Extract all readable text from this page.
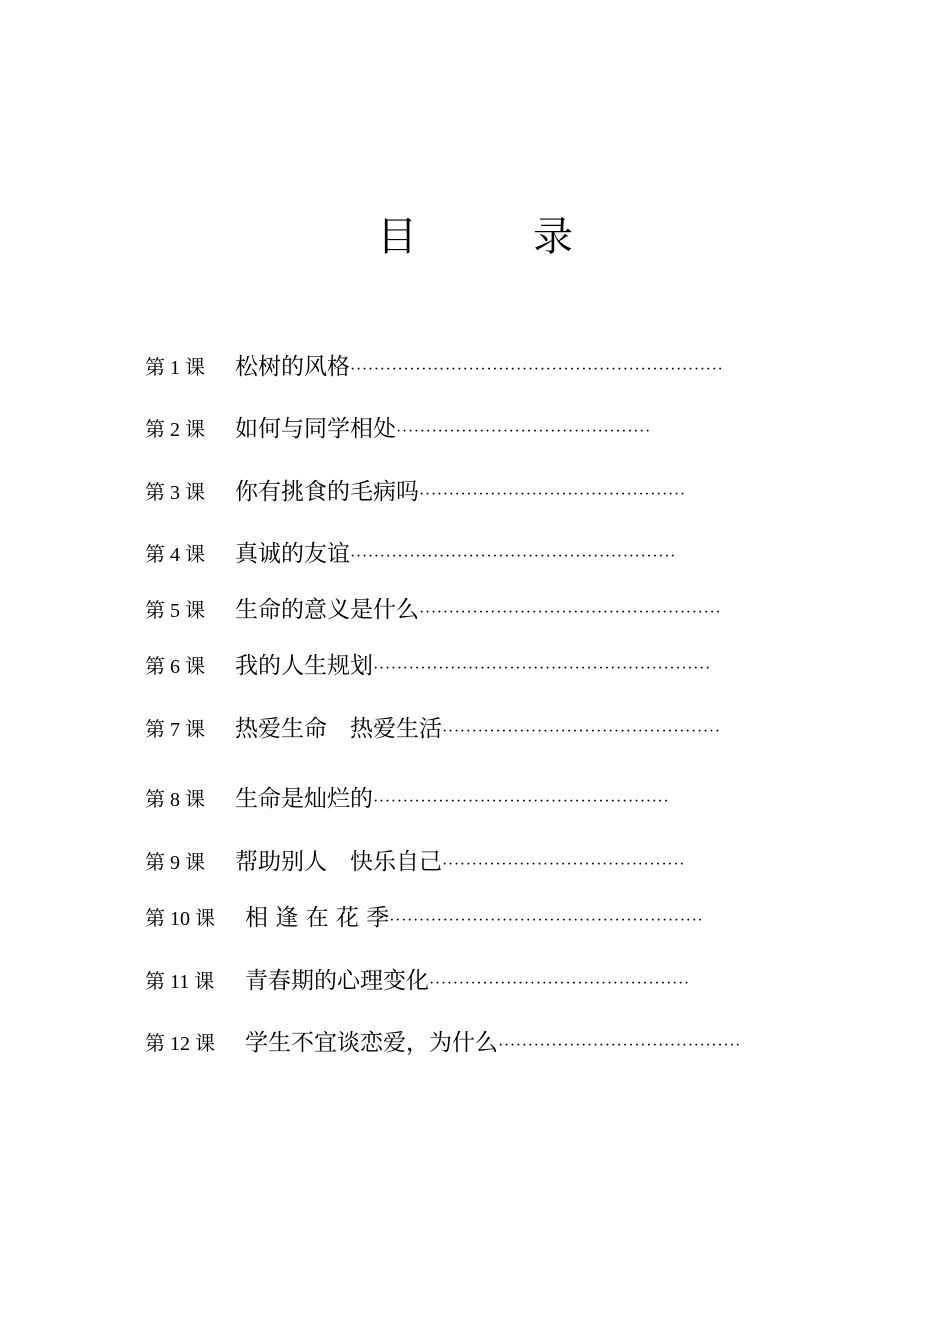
目　录
第 1 课	松树的风格 ·······························································
第 2 课	如何与同学相处 ···········································
第 3 课	你有挑食的毛病吗 ·············································
第 4 课	真诚的友谊 ·······················································
第 5 课	生命的意义是什么 ···················································
第 6 课	我的人生规划 ·························································
第 7 课	热爱生命　热爱生活 ···············································
第 8 课	生命是灿烂的 ··················································
第 9 课	帮助别人　快乐自己 ·········································
第 10 课	相 逢 在 花 季 ·····················································
第 11 课	青春期的心理变化 ············································
第 12 课	学生不宜谈恋爱，为什么 ·········································
